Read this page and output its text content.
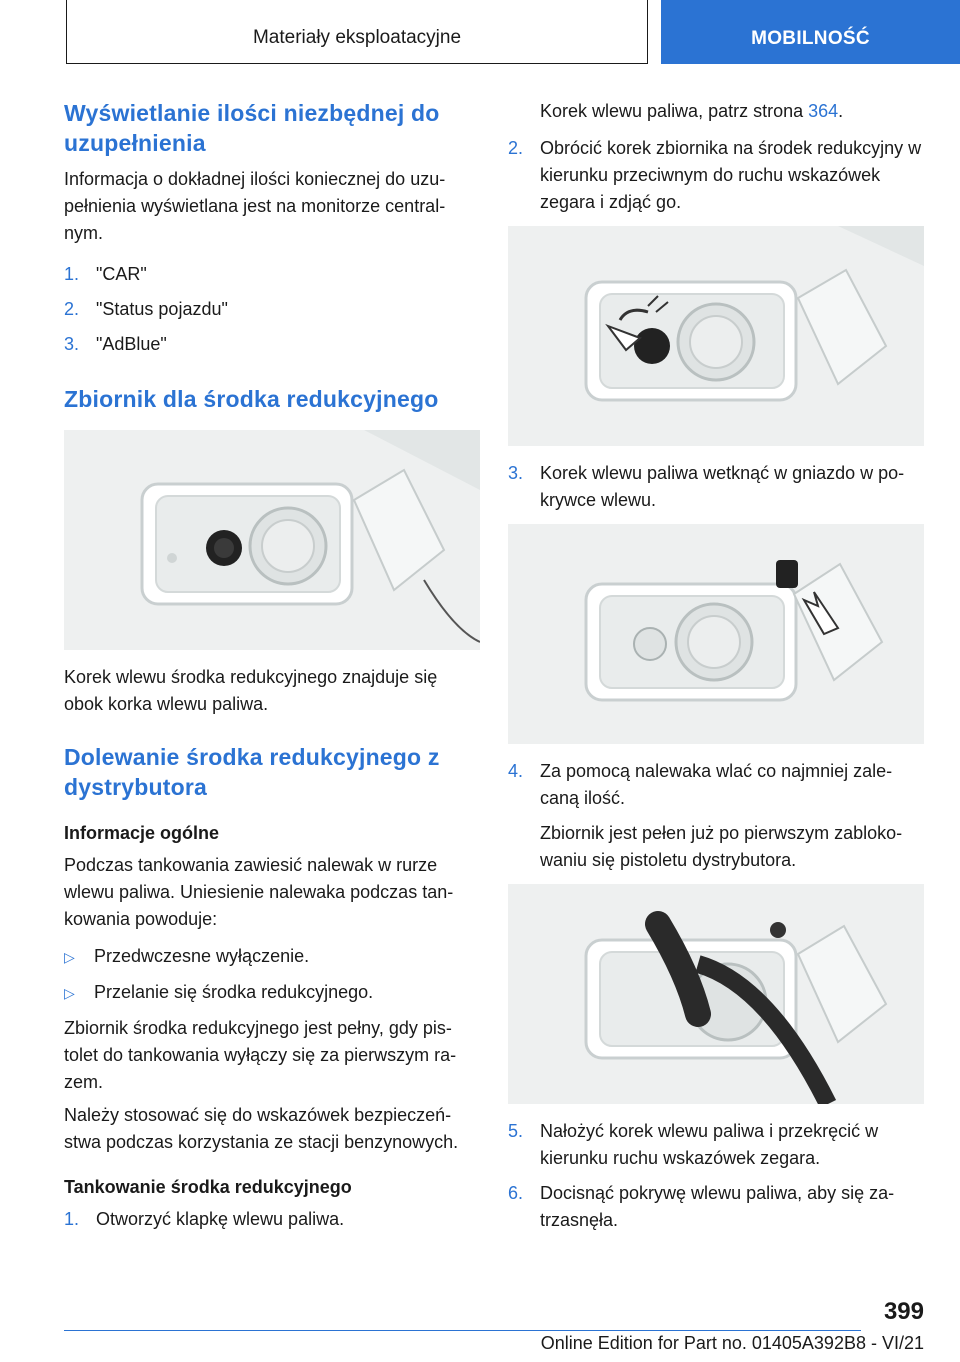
Materiały eksploatacyjne	MOBILNOŚĆ
Wyświetlanie ilości niezbędnej do uzupełnienia

Informacja o dokładnej ilości koniecznej do uzu-pełnienia wyświetlana jest na monitorze central-nym.

1. "CAR"
2. "Status pojazdu"
3. "AdBlue"
Zbiornik dla środka redukcyjnego

Korek wlewu środka redukcyjnego znajduje się obok korka wlewu paliwa.

Dolewanie środka redukcyjnego z dystrybutora
Informacje ogólne

Podczas tankowania zawiesić nalewak w rurze wlewu paliwa. Uniesienie nalewaka podczas tan-kowania powoduje:

▷	Przedwczesne wyłączenie.
▷	Przelanie się środka redukcyjnego.

Zbiornik środka redukcyjnego jest pełny, gdy pis-tolet do tankowania wyłączy się za pierwszym ra-zem.

Należy stosować się do wskazówek bezpieczeń-stwa podczas korzystania ze stacji benzynowych.

Tankowanie środka redukcyjnego
1. Otworzyć klapkę wlewu paliwa.

Korek wlewu paliwa, patrz strona 364.

2. Obrócić korek zbiornika na środek redukcyjny w kierunku przeciwnym do ruchu wskazówek zegara i zdjąć go.
3. Korek wlewu paliwa wetknąć w gniazdo w po-krywce wlewu.
4. Za pomocą nalewaka wlać co najmniej zale-caną ilość.

Zbiornik jest pełen już po pierwszym zabloko-waniu się pistoletu dystrybutora.

5. Nałożyć korek wlewu paliwa i przekręcić w kierunku ruchu wskazówek zegara.
6. Docisnąć pokrywę wlewu paliwa, aby się za-trzasnęła.
399
Online Edition for Part no. 01405A392B8 - VI/21
